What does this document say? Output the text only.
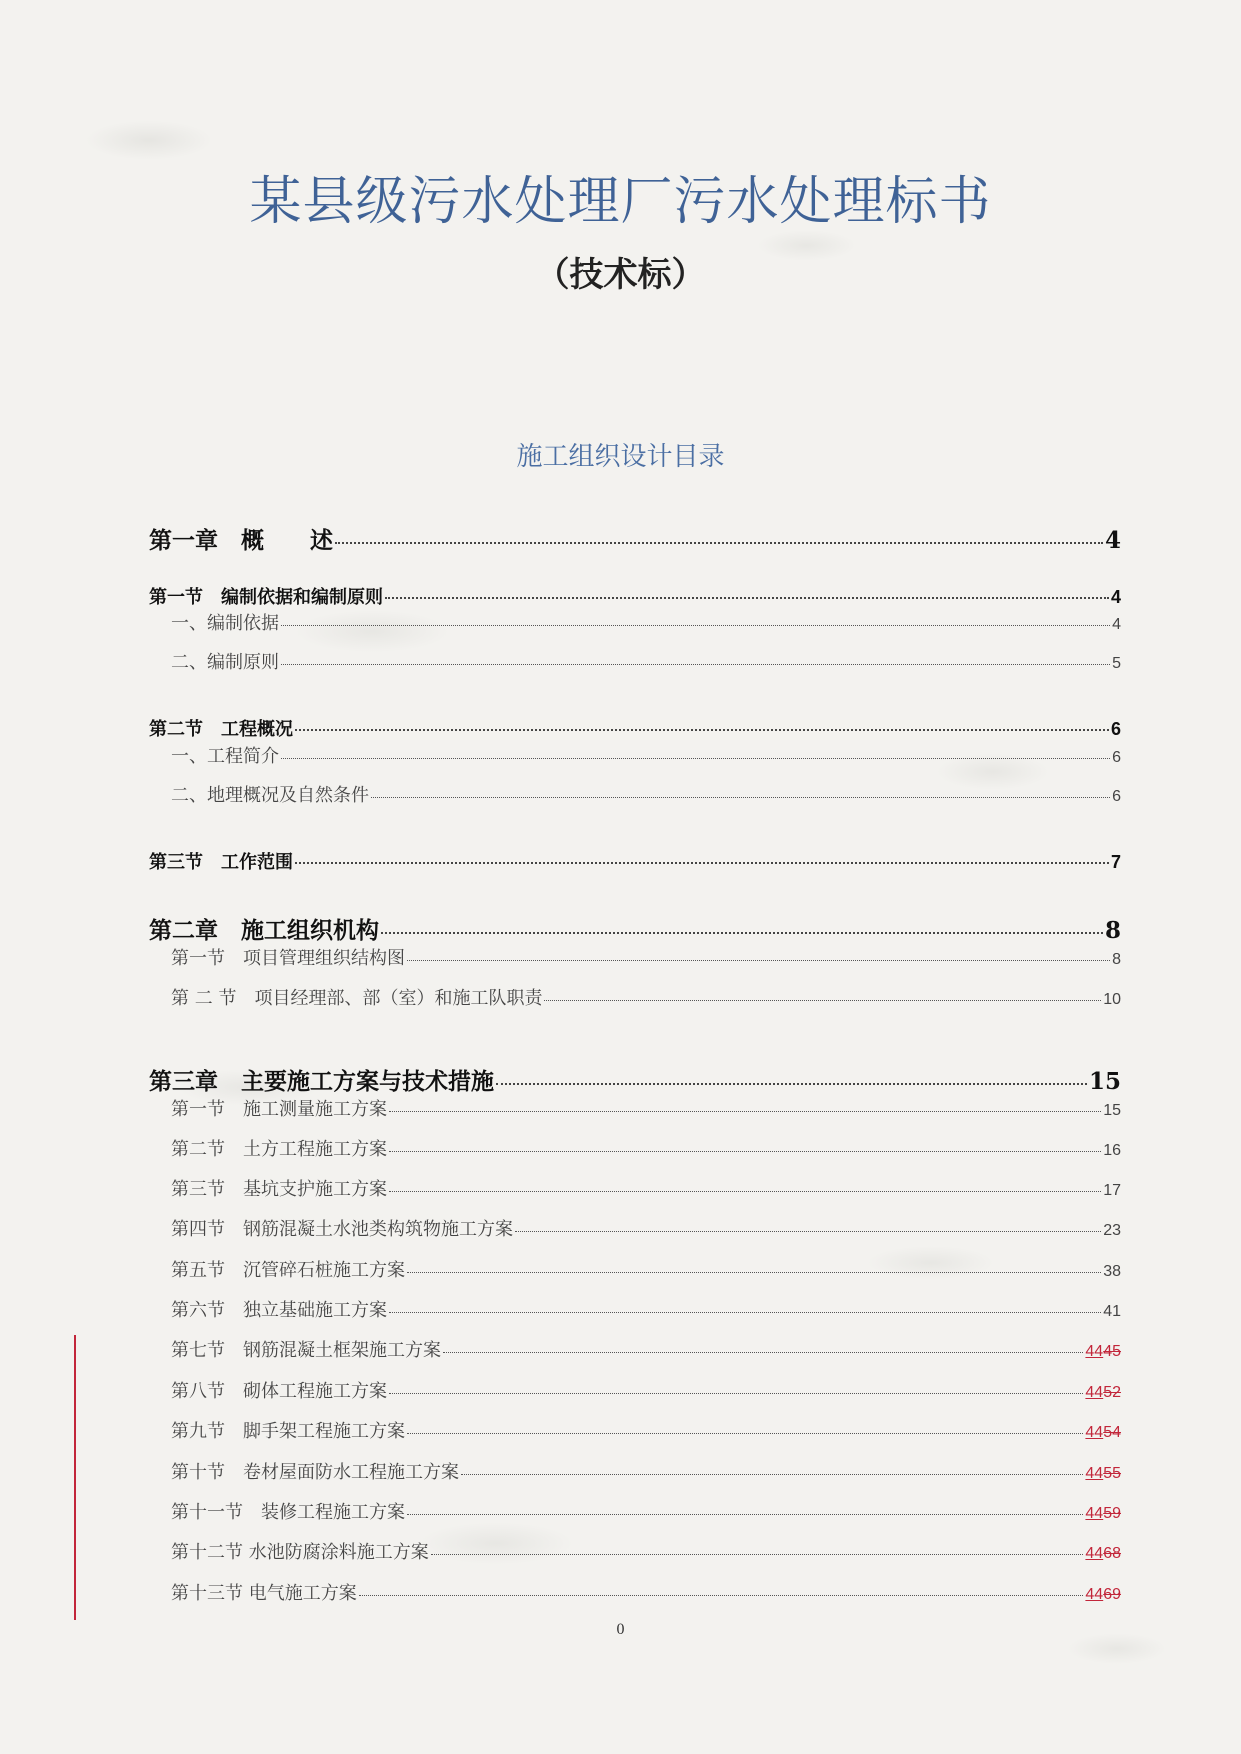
某县级污水处理厂污水处理标书
（技术标）
施工组织设计目录
第一章　概　　述	4
第一节　编制依据和编制原则	4
一、编制依据	4
二、编制原则	5
第二节　工程概况	6
一、工程简介	6
二、地理概况及自然条件	6
第三节　工作范围	7
第二章　施工组织机构	8
第一节　项目管理组织结构图	8
第 二 节　项目经理部、部（室）和施工队职责	10
第三章　主要施工方案与技术措施	15
第一节　施工测量施工方案	15
第二节　土方工程施工方案	16
第三节　基坑支护施工方案	17
第四节　钢筋混凝土水池类构筑物施工方案	23
第五节　沉管碎石桩施工方案	38
第六节　独立基础施工方案	41
第七节　钢筋混凝土框架施工方案	4445
第八节　砌体工程施工方案	4452
第九节　脚手架工程施工方案	4454
第十节　卷材屋面防水工程施工方案	4455
第十一节　装修工程施工方案	4459
第十二节 水池防腐涂料施工方案	4468
第十三节 电气施工方案	4469
0
